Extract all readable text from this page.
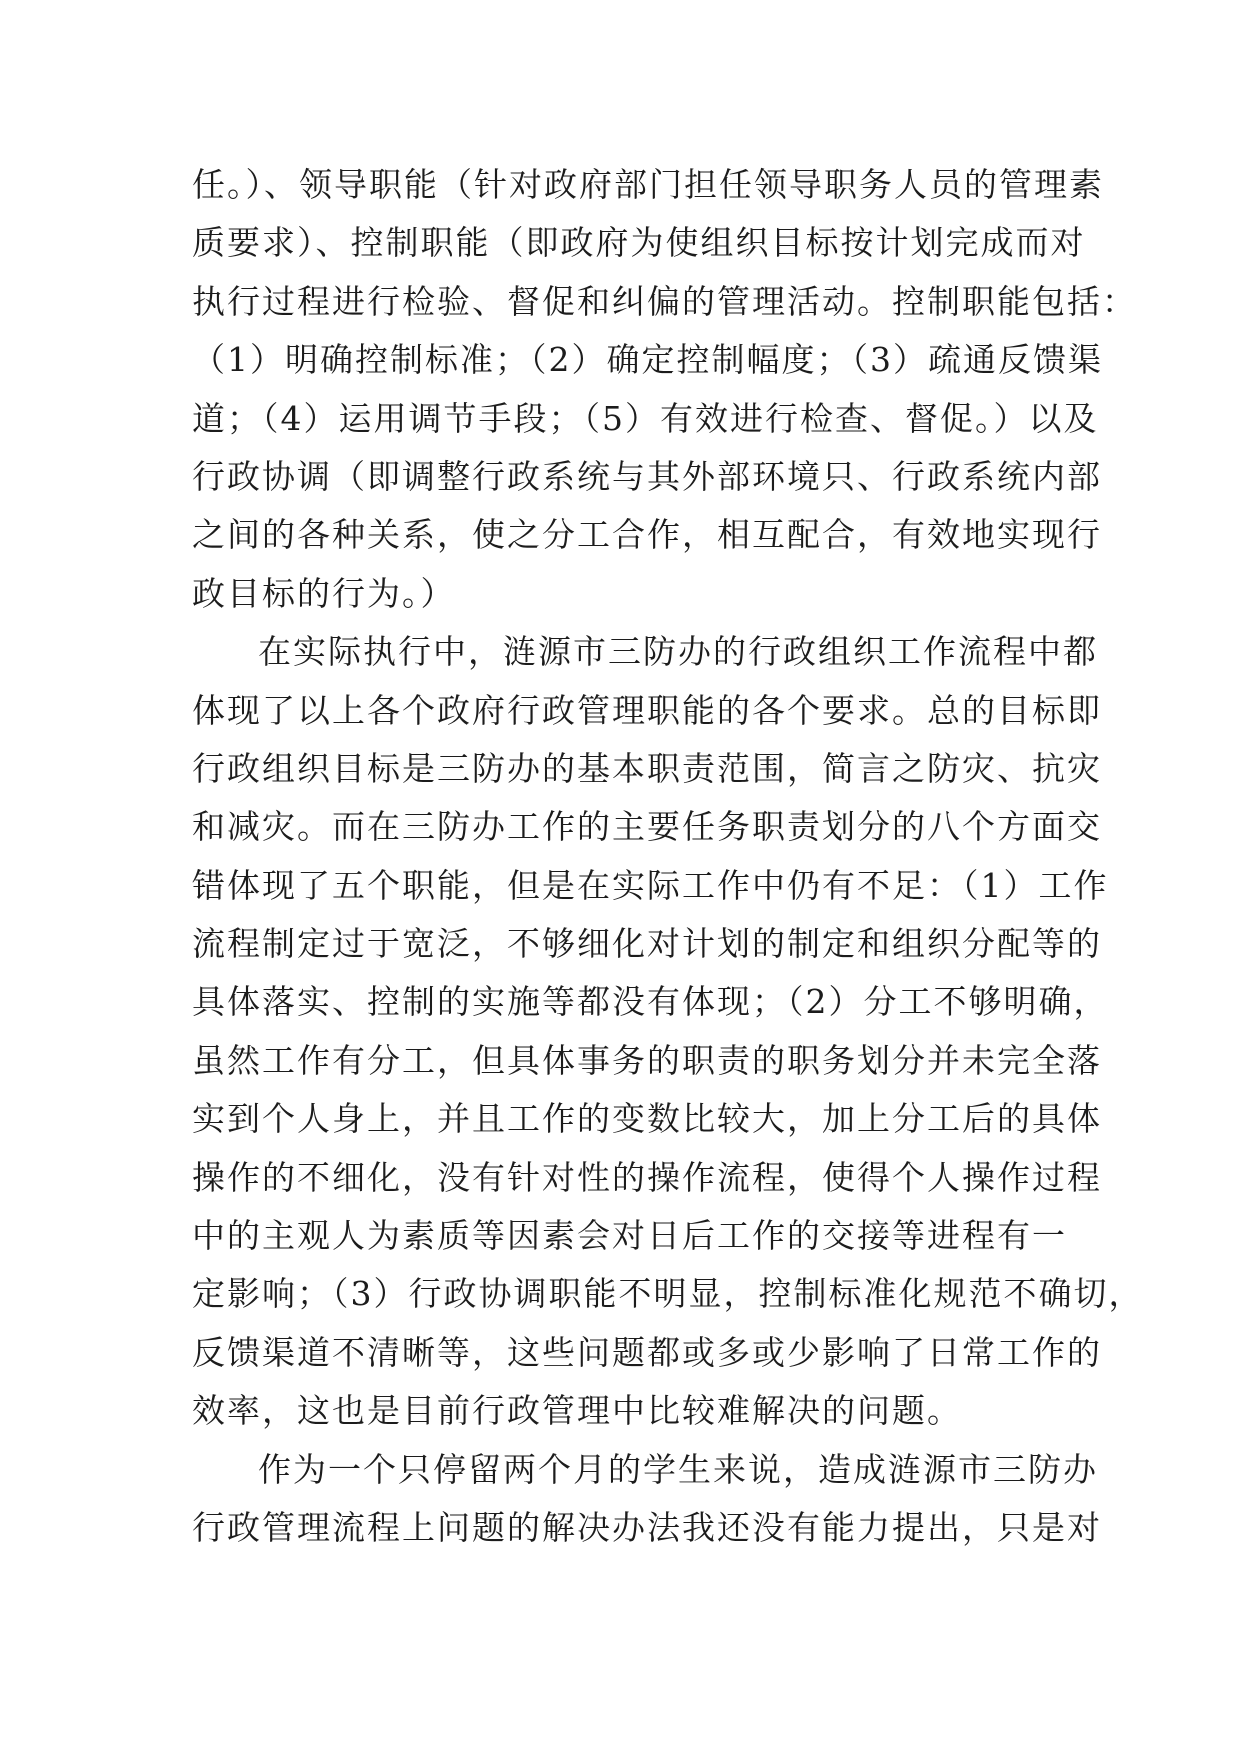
任。）、领导职能（针对政府部门担任领导职务人员的管理素
质要求）、控制职能（即政府为使组织目标按计划完成而对
执行过程进行检验、督促和纠偏的管理活动。控制职能包括：
（1）明确控制标准；（2）确定控制幅度；（3）疏通反馈渠
道；（4）运用调节手段；（5）有效进行检查、督促。）以及
行政协调（即调整行政系统与其外部环境只、行政系统内部
之间的各种关系，使之分工合作，相互配合，有效地实现行
政目标的行为。）
在实际执行中，涟源市三防办的行政组织工作流程中都
体现了以上各个政府行政管理职能的各个要求。总的目标即
行政组织目标是三防办的基本职责范围，简言之防灾、抗灾
和减灾。而在三防办工作的主要任务职责划分的八个方面交
错体现了五个职能，但是在实际工作中仍有不足：（1）工作
流程制定过于宽泛，不够细化对计划的制定和组织分配等的
具体落实、控制的实施等都没有体现；（2）分工不够明确，
虽然工作有分工，但具体事务的职责的职务划分并未完全落
实到个人身上，并且工作的变数比较大，加上分工后的具体
操作的不细化，没有针对性的操作流程，使得个人操作过程
中的主观人为素质等因素会对日后工作的交接等进程有一
定影响；（3）行政协调职能不明显，控制标准化规范不确切，
反馈渠道不清晰等，这些问题都或多或少影响了日常工作的
效率，这也是目前行政管理中比较难解决的问题。
作为一个只停留两个月的学生来说，造成涟源市三防办
行政管理流程上问题的解决办法我还没有能力提出，只是对
